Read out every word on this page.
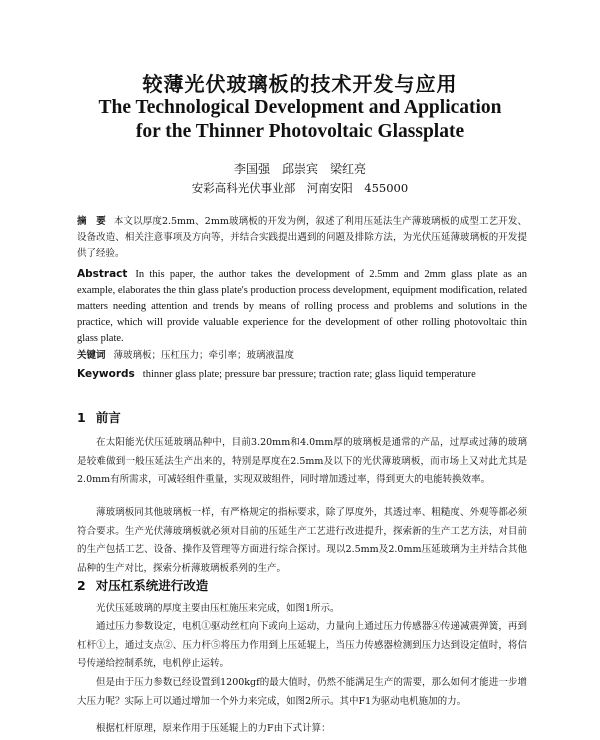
较薄光伏玻璃板的技术开发与应用
The Technological Development and Application
for the Thinner Photovoltaic Glassplate
李国强　邱崇宾　梁红亮
安彩高科光伏事业部　河南安阳　455000
摘　要 本文以厚度2.5mm、2mm玻璃板的开发为例，叙述了利用压延法生产薄玻璃板的成型工艺开发、设备改造、相关注意事项及方向等，并结合实践提出遇到的问题及排除方法，为光伏压延薄玻璃板的开发提供了经验。
Abstract In this paper, the author takes the development of 2.5mm and 2mm glass plate as an example, elaborates the thin glass plate's production process development, equipment modification, related matters needing attention and trends by means of rolling process and problems and solutions in the practice, which will provide valuable experience for the development of other rolling photovoltaic thin glass plate.
关键词 薄玻璃板；压杠压力；牵引率；玻璃液温度
Keywords thinner glass plate; pressure bar pressure; traction rate; glass liquid temperature
1 前言
在太阳能光伏压延玻璃品种中，目前3.20mm和4.0mm厚的玻璃板是通常的产品，过厚或过薄的玻璃是较难做到一般压延法生产出来的，特别是厚度在2.5mm及以下的光伏薄玻璃板，而市场上又对此尤其是2.0mm有所需求，可减轻组件重量，实现双玻组件，同时增加透过率，得到更大的电能转换效率。
薄玻璃板同其他玻璃板一样，有严格规定的指标要求，除了厚度外，其透过率、粗糙度、外观等都必须符合要求。生产光伏薄玻璃板就必须对目前的压延生产工艺进行改进提升，探索新的生产工艺方法，对目前的生产包括工艺、设备、操作及管理等方面进行综合探讨。现以2.5mm及2.0mm压延玻璃为主并结合其他品种的生产对比，探索分析薄玻璃板系列的生产。
2 对压杠系统进行改造
光伏压延玻璃的厚度主要由压杠施压来完成，如图1所示。
通过压力参数设定，电机①驱动丝杠向下或向上运动，力量向上通过压力传感器④传递减震弹簧，再到杠杆①上，通过支点②、压力杆⑤将压力作用到上压延辊上，当压力传感器检测到压力达到设定值时，将信号传递给控制系统，电机停止运转。
但是由于压力参数已经设置到1200kgf的最大值时，仍然不能满足生产的需要，那么如何才能进一步增大压力呢？实际上可以通过增加一个外力来完成，如图2所示。其中F1为驱动电机施加的力。
根据杠杆原理，原来作用于压延辊上的力F由下式计算：
